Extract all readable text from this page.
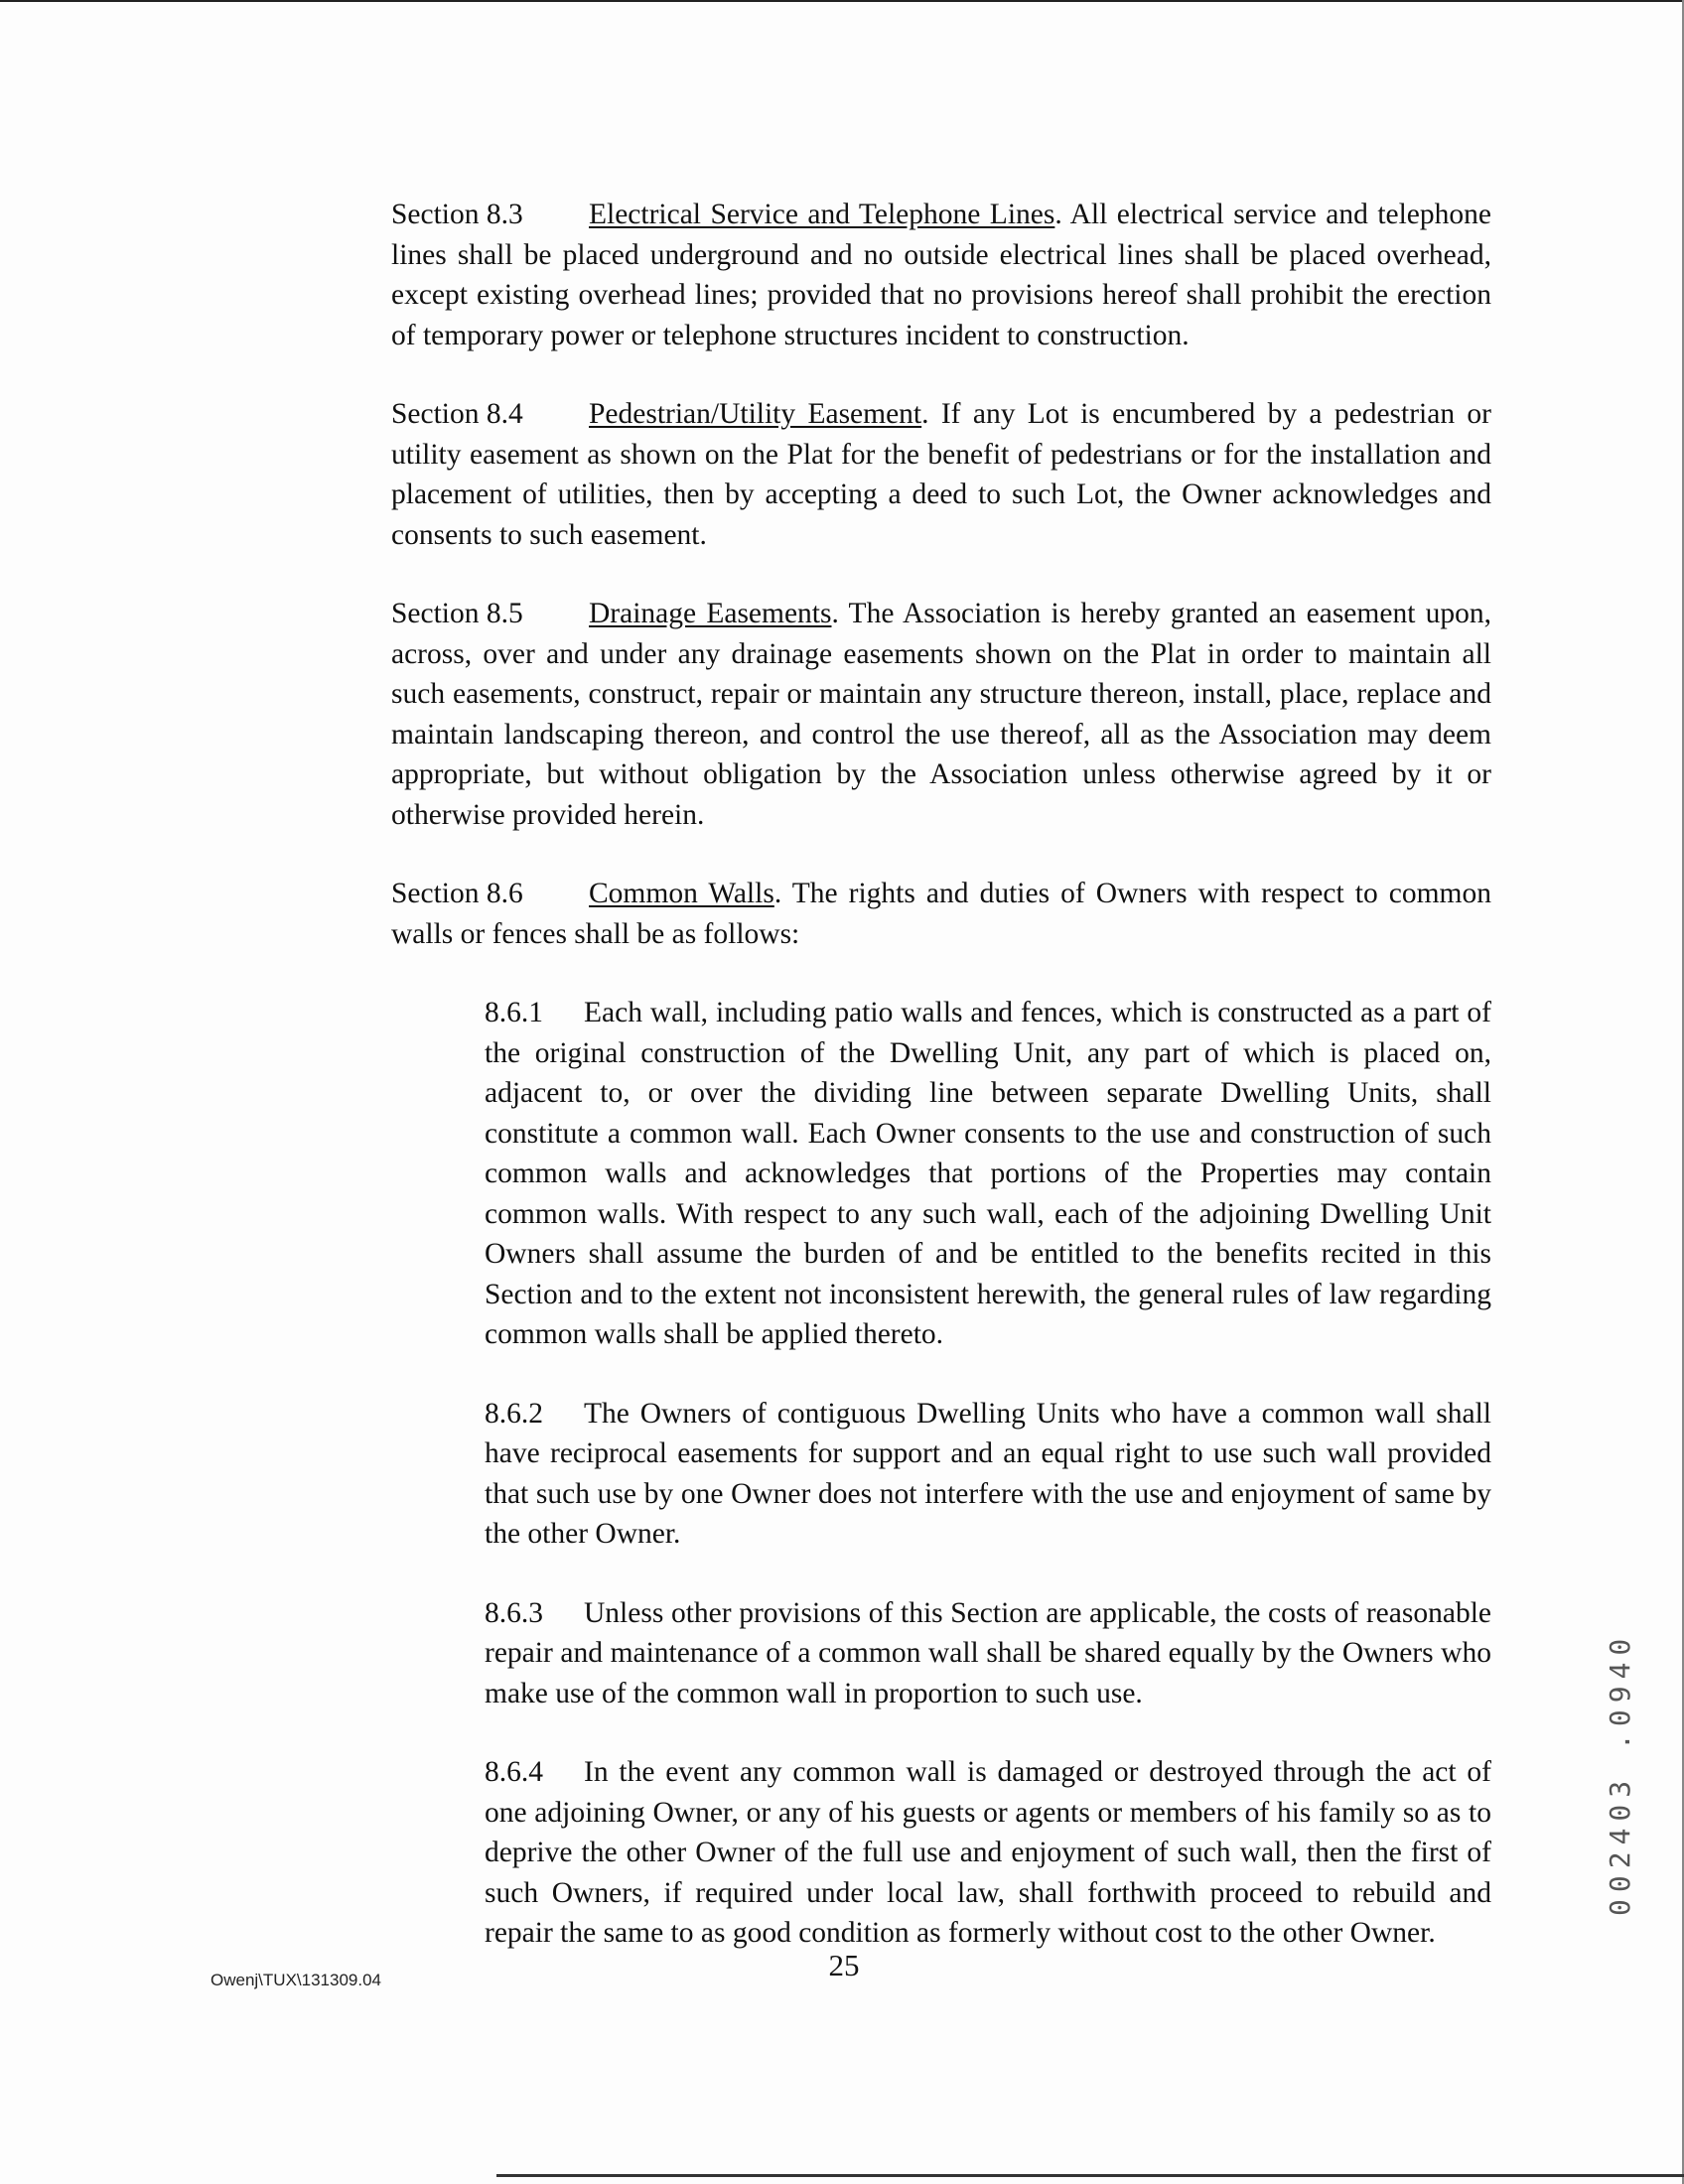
Section 8.3 Electrical Service and Telephone Lines. All electrical service and telephone lines shall be placed underground and no outside electrical lines shall be placed overhead, except existing overhead lines; provided that no provisions hereof shall prohibit the erection of temporary power or telephone structures incident to construction.

Section 8.4 Pedestrian/Utility Easement. If any Lot is encumbered by a pedestrian or utility easement as shown on the Plat for the benefit of pedestrians or for the installation and placement of utilities, then by accepting a deed to such Lot, the Owner acknowledges and consents to such easement.

Section 8.5 Drainage Easements. The Association is hereby granted an easement upon, across, over and under any drainage easements shown on the Plat in order to maintain all such easements, construct, repair or maintain any structure thereon, install, place, replace and maintain landscaping thereon, and control the use thereof, all as the Association may deem appropriate, but without obligation by the Association unless otherwise agreed by it or otherwise provided herein.

Section 8.6 Common Walls. The rights and duties of Owners with respect to common walls or fences shall be as follows:

8.6.1 Each wall, including patio walls and fences, which is constructed as a part of the original construction of the Dwelling Unit, any part of which is placed on, adjacent to, or over the dividing line between separate Dwelling Units, shall constitute a common wall. Each Owner consents to the use and construction of such common walls and acknowledges that portions of the Properties may contain common walls. With respect to any such wall, each of the adjoining Dwelling Unit Owners shall assume the burden of and be entitled to the benefits recited in this Section and to the extent not inconsistent herewith, the general rules of law regarding common walls shall be applied thereto.

8.6.2 The Owners of contiguous Dwelling Units who have a common wall shall have reciprocal easements for support and an equal right to use such wall provided that such use by one Owner does not interfere with the use and enjoyment of same by the other Owner.

8.6.3 Unless other provisions of this Section are applicable, the costs of reasonable repair and maintenance of a common wall shall be shared equally by the Owners who make use of the common wall in proportion to such use.

8.6.4 In the event any common wall is damaged or destroyed through the act of one adjoining Owner, or any of his guests or agents or members of his family so as to deprive the other Owner of the full use and enjoyment of such wall, then the first of such Owners, if required under local law, shall forthwith proceed to rebuild and repair the same to as good condition as formerly without cost to the other Owner.

002403 .0940
Owenj\TUX\131309.04	25
